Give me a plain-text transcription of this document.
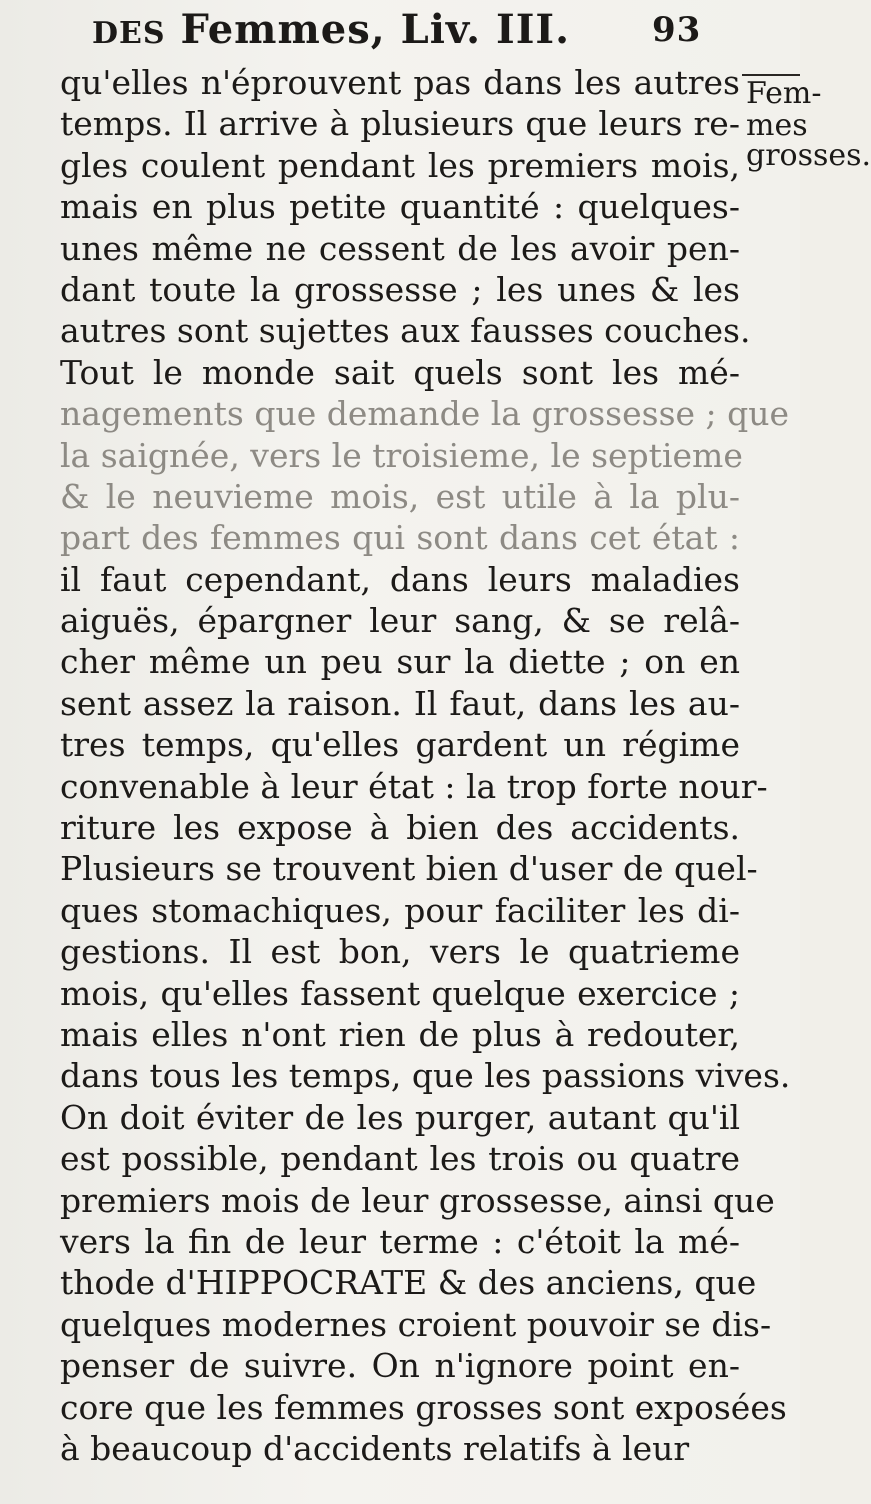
DES Femmes, Liv. III. 93
Fem-
mes
grosses.
qu'elles n'éprouvent pas dans les autres
temps. Il arrive à plusieurs que leurs re-
gles coulent pendant les premiers mois,
mais en plus petite quantité : quelques-
unes même ne cessent de les avoir pen-
dant toute la grossesse ; les unes & les
autres sont sujettes aux fausses couches.
Tout le monde sait quels sont les mé-
nagements que demande la grossesse ; que
la saignée, vers le troisieme, le septieme
& le neuvieme mois, est utile à la plu-
part des femmes qui sont dans cet état :
il faut cependant, dans leurs maladies
aiguës, épargner leur sang, & se relâ-
cher même un peu sur la diette ; on en
sent assez la raison. Il faut, dans les au-
tres temps, qu'elles gardent un régime
convenable à leur état : la trop forte nour-
riture les expose à bien des accidents.
Plusieurs se trouvent bien d'user de quel-
ques stomachiques, pour faciliter les di-
gestions. Il est bon, vers le quatrieme
mois, qu'elles fassent quelque exercice ;
mais elles n'ont rien de plus à redouter,
dans tous les temps, que les passions vives.
On doit éviter de les purger, autant qu'il
est possible, pendant les trois ou quatre
premiers mois de leur grossesse, ainsi que
vers la fin de leur terme : c'étoit la mé-
thode d'HIPPOCRATE & des anciens, que
quelques modernes croient pouvoir se dis-
penser de suivre. On n'ignore point en-
core que les femmes grosses sont exposées
à beaucoup d'accidents relatifs à leur
